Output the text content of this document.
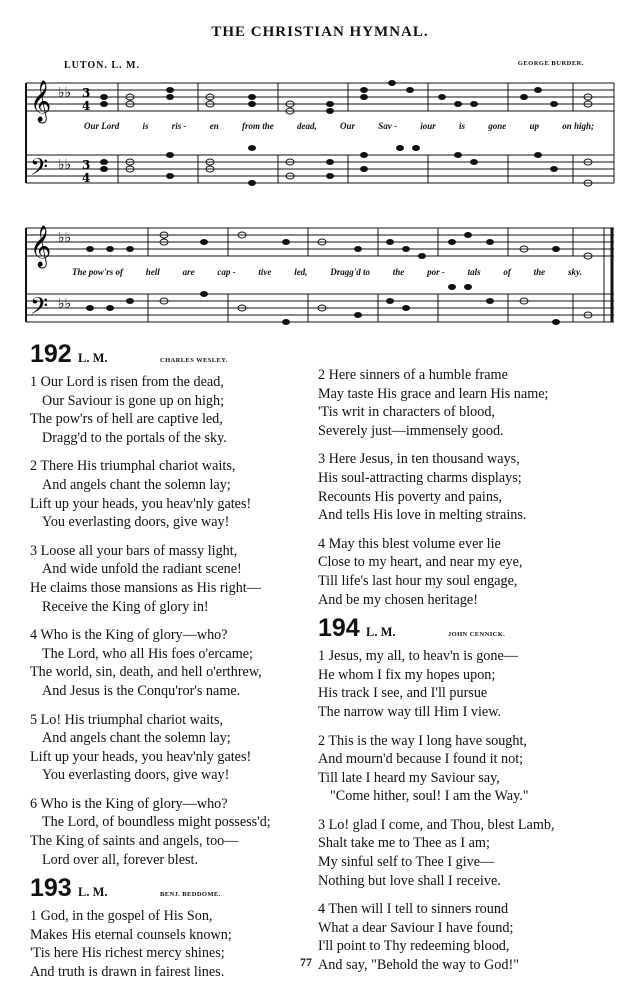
THE CHRISTIAN HYMNAL.
LUTON. L. M.	GEORGE BURDER.
𝄞
𝄢
♭♭
♭♭
3
4
3
4
Our Lord	is	ris -	en	from the	dead,	Our	Sav -	iour	is	gone	up	on high;
𝄞
𝄢
♭♭
♭♭
The pow'rs of	hell	are	cap -	tive	led,	Dragg'd to	the	por -	tals	of	the	sky.
192 L. M.	CHARLES WESLEY.
1 Our Lord is risen from the dead,
Our Saviour is gone up on high;
The pow'rs of hell are captive led,
Dragg'd to the portals of the sky.
2 There His triumphal chariot waits,
And angels chant the solemn lay;
Lift up your heads, you heav'nly gates!
You everlasting doors, give way!
3 Loose all your bars of massy light,
And wide unfold the radiant scene!
He claims those mansions as His right—
Receive the King of glory in!
4 Who is the King of glory—who?
The Lord, who all His foes o'ercame;
The world, sin, death, and hell o'erthrew,
And Jesus is the Conqu'ror's name.
5 Lo! His triumphal chariot waits,
And angels chant the solemn lay;
Lift up your heads, you heav'nly gates!
You everlasting doors, give way!
6 Who is the King of glory—who?
The Lord, of boundless might possess'd;
The King of saints and angels, too—
Lord over all, forever blest.
193 L. M.	BENJ. BEDDOME.
1 God, in the gospel of His Son,
Makes His eternal counsels known;
'Tis here His richest mercy shines;
And truth is drawn in fairest lines.
2 Here sinners of a humble frame
May taste His grace and learn His name;
'Tis writ in characters of blood,
Severely just—immensely good.
3 Here Jesus, in ten thousand ways,
His soul-attracting charms displays;
Recounts His poverty and pains,
And tells His love in melting strains.
4 May this blest volume ever lie
Close to my heart, and near my eye,
Till life's last hour my soul engage,
And be my chosen heritage!
194 L. M.	JOHN CENNICK.
1 Jesus, my all, to heav'n is gone—
He whom I fix my hopes upon;
His track I see, and I'll pursue
The narrow way till Him I view.
2 This is the way I long have sought,
And mourn'd because I found it not;
Till late I heard my Saviour say,
"Come hither, soul! I am the Way."
3 Lo! glad I come, and Thou, blest Lamb,
Shalt take me to Thee as I am;
My sinful self to Thee I give—
Nothing but love shall I receive.
4 Then will I tell to sinners round
What a dear Saviour I have found;
I'll point to Thy redeeming blood,
And say, "Behold the way to God!"
77
